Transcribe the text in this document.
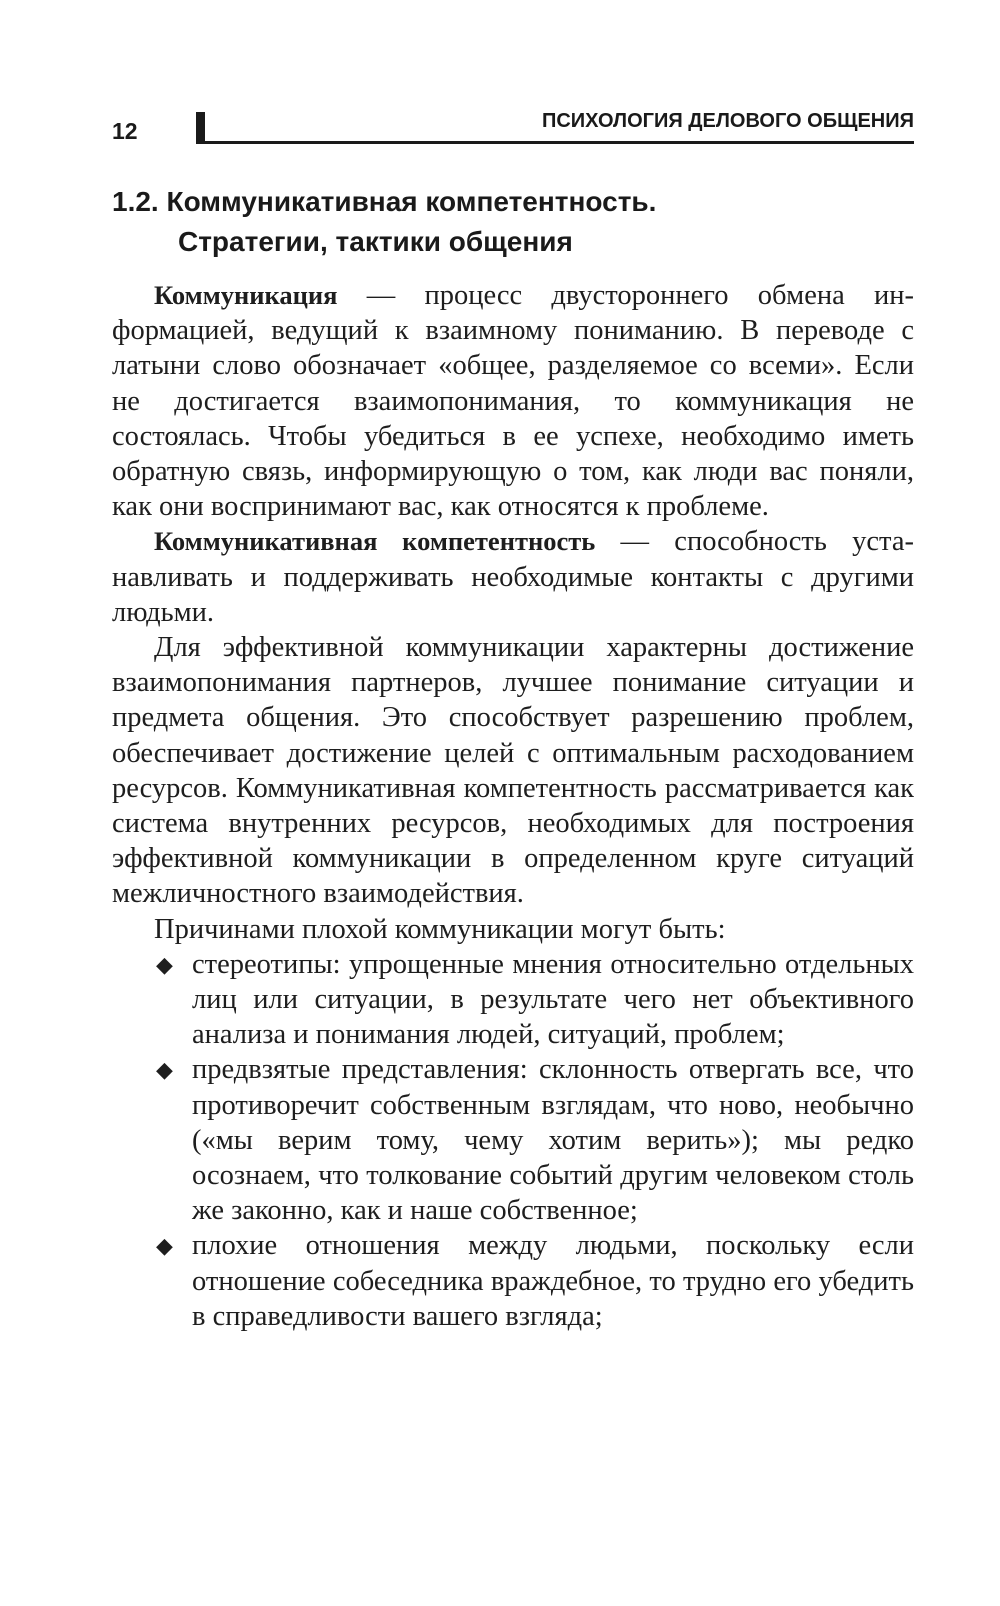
12	ПСИХОЛОГИЯ ДЕЛОВОГО ОБЩЕНИЯ
1.2. Коммуникативная компетентность.
Стратегии, тактики общения

Коммуникация — процесс двустороннего обмена информацией, ведущий к взаимному пониманию. В переводе с латыни слово обозначает «общее, разделяемое со всеми». Если не достигается взаимопонимания, то коммуникация не состоялась. Чтобы убедиться в ее успехе, необходимо иметь обратную связь, информирующую о том, как люди вас поняли, как они воспринимают вас, как относятся к проблеме.

Коммуникативная компетентность — способность устанавливать и поддерживать необходимые контакты с другими людьми.

Для эффективной коммуникации характерны достижение взаимопонимания партнеров, лучшее понимание ситуации и предмета общения. Это способствует разрешению проблем, обеспечивает достижение целей с оптимальным расходованием ресурсов. Коммуникативная компетентность рассматривается как система внутренних ресурсов, необходимых для построения эффективной коммуникации в определенном круге ситуаций межличностного взаимодействия.

Причинами плохой коммуникации могут быть:

◆ стереотипы: упрощенные мнения относительно отдельных лиц или ситуации, в результате чего нет объективного анализа и понимания людей, ситуаций, проблем;
◆ предвзятые представления: склонность отвергать все, что противоречит собственным взглядам, что ново, необычно («мы верим тому, чему хотим верить»); мы редко осознаем, что толкование событий другим человеком столь же законно, как и наше собственное;
◆ плохие отношения между людьми, поскольку если отношение собеседника враждебное, то трудно его убедить в справедливости вашего взгляда;
